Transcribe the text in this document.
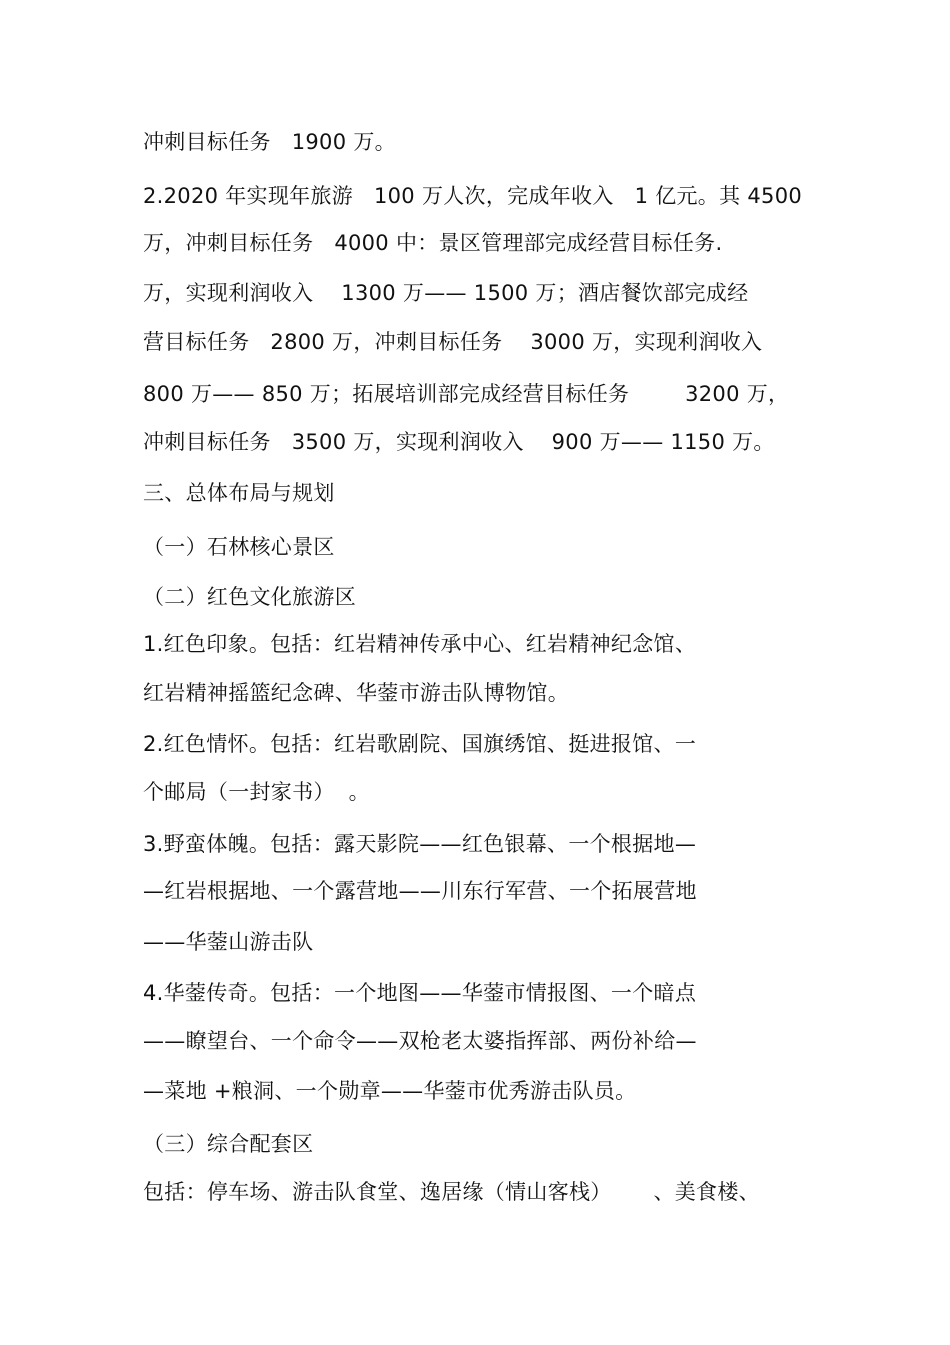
冲刺目标任务   1900 万。
2.2020 年实现年旅游   100 万人次，完成年收入   1 亿元。其 4500
万，冲刺目标任务   4000 中：景区管理部完成经营目标任务.
万，实现利润收入    1300 万—— 1500 万；酒店餐饮部完成经
营目标任务   2800 万，冲刺目标任务    3000 万，实现利润收入
800 万—— 850 万；拓展培训部完成经营目标任务        3200 万，
冲刺目标任务   3500 万，实现利润收入    900 万—— 1150 万。
三、总体布局与规划
（一）石林核心景区
（二）红色文化旅游区
1.红色印象。包括：红岩精神传承中心、红岩精神纪念馆、
红岩精神摇篮纪念碑、华蓥市游击队博物馆。
2.红色情怀。包括：红岩歌剧院、国旗绣馆、挺进报馆、一
个邮局（一封家书）  。
3.野蛮体魄。包括：露天影院——红色银幕、一个根据地—
—红岩根据地、一个露营地——川东行军营、一个拓展营地
——华蓥山游击队
4.华蓥传奇。包括：一个地图——华蓥市情报图、一个暗点
——瞭望台、一个命令——双枪老太婆指挥部、两份补给—
—菜地 +粮洞、一个勋章——华蓥市优秀游击队员。
（三）综合配套区
包括：停车场、游击队食堂、逸居缘（情山客栈）      、美食楼、
